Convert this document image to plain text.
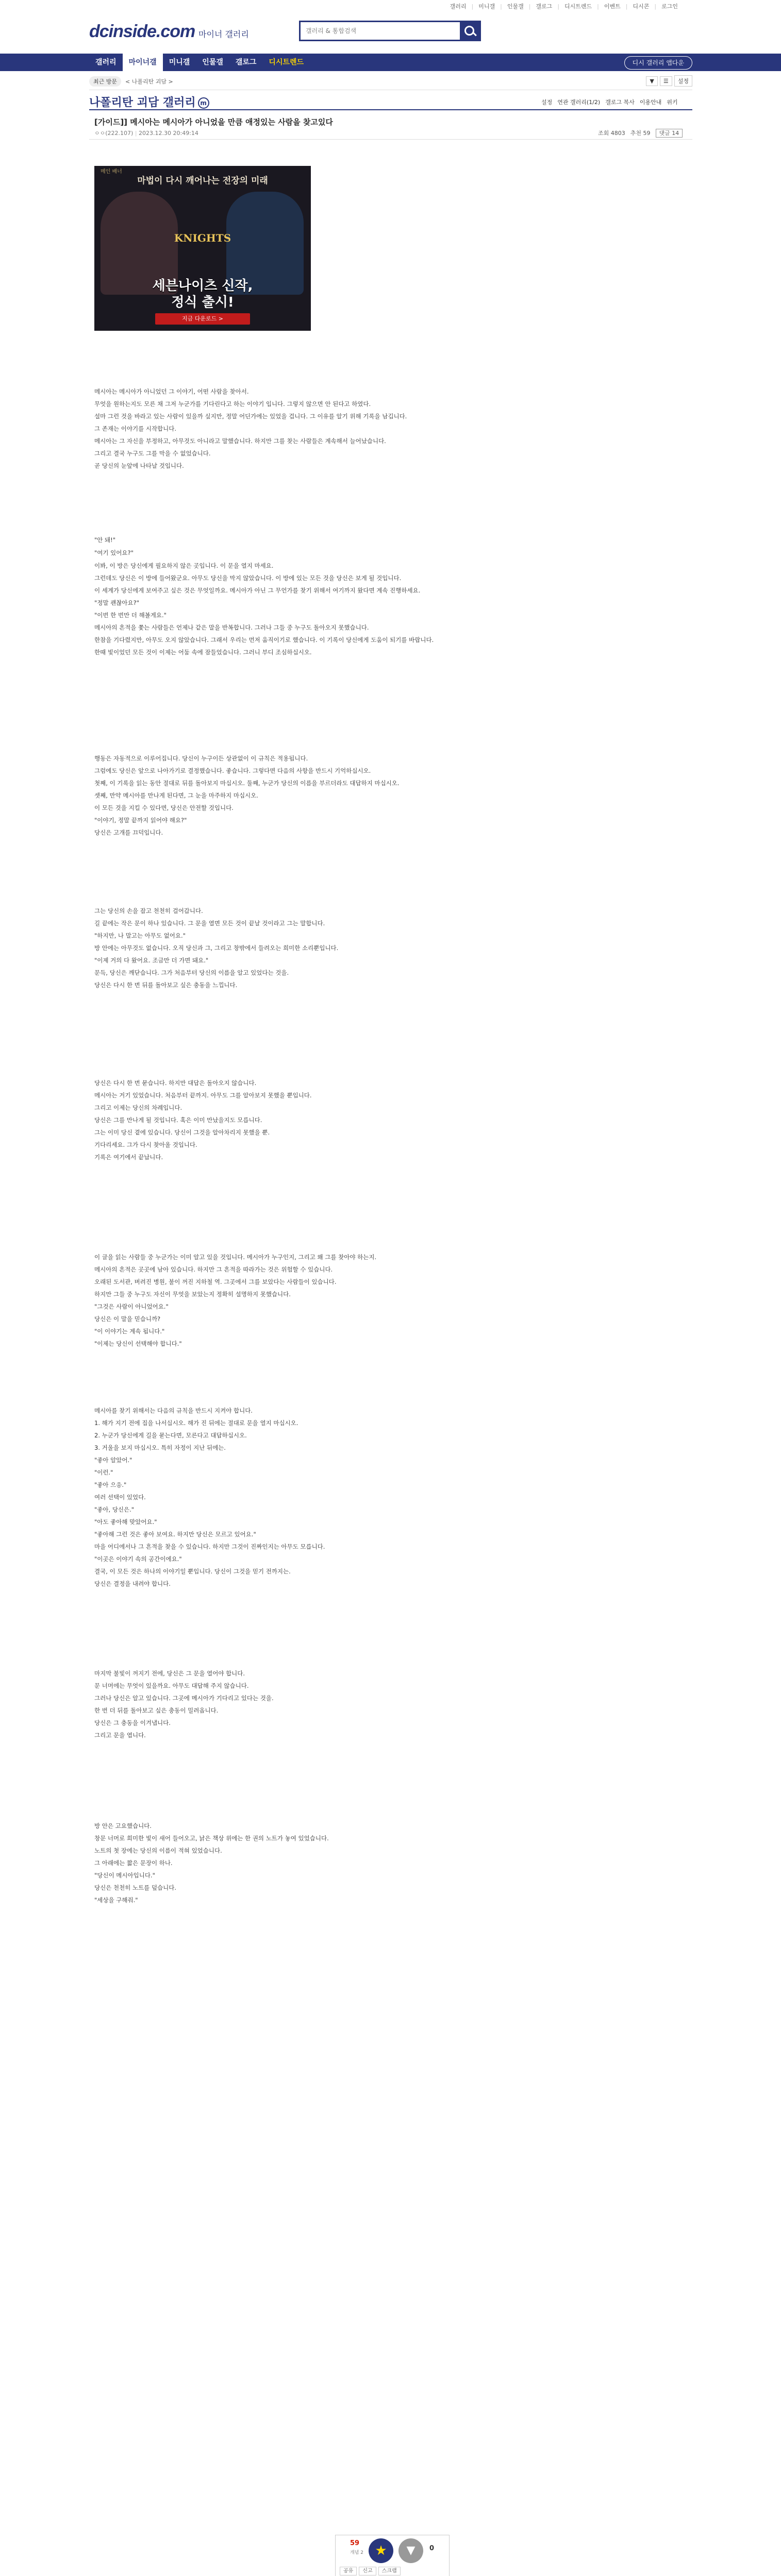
갤러리	| 미니갤	| 인물갤	| 갤로그	| 디시트렌드	| 이벤트	| 디시콘	| 로그인
dcinside.com 마이너 갤러리
갤러리 & 통합검색
갤러리	마이너갤	미니갤	인물갤	갤로그	디시트렌드	디시 갤러리 앱다운
최근 방문	< 나폴리탄 괴담 >	▼ ☰ 설정
나폴리탄 괴담 갤러리 m	설정 연관 갤러리(1/2) 갤로그 복사 이용안내 위키
[가이드]] 메시아는 메시아가 아니었을 만큼 애정있는 사람을 찾고있다
ㅇㅇ(222.107) | 2023.12.30 20:49:14	조회 4803 추천 59 댓글 14
메인 배너
마법이 다시 깨어나는 전장의 미래
KNIGHTS
세븐나이츠 신작,
정식 출시!
지금 다운로드 >
메시아는 메시아가 아니었던 그 이야기, 어떤 사람을 찾아서.
무엇을 원하는지도 모른 채 그저 누군가를 기다린다고 하는 이야기 입니다. 그렇지 않으면 안 된다고 하였다.
설마 그런 것을 바라고 있는 사람이 있을까 싶지만, 정말 어딘가에는 있었을 겁니다. 그 이유를 알기 위해 기록을 남깁니다.
그 존재는 이야기를 시작합니다.
메시아는 그 자신을 부정하고, 아무것도 아니라고 말했습니다. 하지만 그를 찾는 사람들은 계속해서 늘어났습니다.
그리고 결국 누구도 그를 막을 수 없었습니다.
곧 당신의 눈앞에 나타날 것입니다.
"안 돼!"
"여기 있어요?"
이봐, 이 방은 당신에게 필요하지 않은 곳입니다. 이 문을 열지 마세요.
그런데도 당신은 이 방에 들어왔군요. 아무도 당신을 막지 않았습니다. 이 방에 있는 모든 것을 당신은 보게 될 것입니다.
이 세계가 당신에게 보여주고 싶은 것은 무엇일까요. 메시아가 아닌 그 무언가를 찾기 위해서 여기까지 왔다면 계속 진행하세요.
"정말 괜찮아요?"
"이번 한 번만 더 해볼게요."
메시아의 흔적을 쫓는 사람들은 언제나 같은 말을 반복합니다. 그러나 그들 중 누구도 돌아오지 못했습니다.
한참을 기다렸지만, 아무도 오지 않았습니다. 그래서 우리는 먼저 움직이기로 했습니다. 이 기록이 당신에게 도움이 되기를 바랍니다.
한때 빛이었던 모든 것이 이제는 어둠 속에 잠들었습니다. 그러니 부디 조심하십시오.
행동은 자동적으로 이루어집니다. 당신이 누구이든 상관없이 이 규칙은 적용됩니다.
그럼에도 당신은 앞으로 나아가기로 결정했습니다. 좋습니다. 그렇다면 다음의 사항을 반드시 기억하십시오.
첫째, 이 기록을 읽는 동안 절대로 뒤를 돌아보지 마십시오. 둘째, 누군가 당신의 이름을 부르더라도 대답하지 마십시오.
셋째, 만약 메시아를 만나게 된다면, 그 눈을 마주하지 마십시오.
이 모든 것을 지킬 수 있다면, 당신은 안전할 것입니다.
"이야기, 정말 끝까지 읽어야 해요?"
당신은 고개를 끄덕입니다.
그는 당신의 손을 잡고 천천히 걸어갑니다.
길 끝에는 작은 문이 하나 있습니다. 그 문을 열면 모든 것이 끝날 것이라고 그는 말합니다.
"하지만, 나 말고는 아무도 없어요."
방 안에는 아무것도 없습니다. 오직 당신과 그, 그리고 창밖에서 들려오는 희미한 소리뿐입니다.
"이제 거의 다 왔어요. 조금만 더 가면 돼요."
문득, 당신은 깨닫습니다. 그가 처음부터 당신의 이름을 알고 있었다는 것을.
당신은 다시 한 번 뒤를 돌아보고 싶은 충동을 느낍니다.
당신은 다시 한 번 묻습니다. 하지만 대답은 돌아오지 않습니다.
메시아는 거기 있었습니다. 처음부터 끝까지. 아무도 그를 알아보지 못했을 뿐입니다.
그리고 이제는 당신의 차례입니다.
당신은 그를 만나게 될 것입니다. 혹은 이미 만났을지도 모릅니다.
그는 이미 당신 곁에 있습니다. 당신이 그것을 알아차리지 못했을 뿐.
기다리세요. 그가 다시 찾아올 것입니다.
기록은 여기에서 끝납니다.
이 글을 읽는 사람들 중 누군가는 이미 알고 있을 것입니다. 메시아가 누구인지, 그리고 왜 그를 찾아야 하는지.
메시아의 흔적은 곳곳에 남아 있습니다. 하지만 그 흔적을 따라가는 것은 위험할 수 있습니다.
오래된 도서관, 버려진 병원, 불이 꺼진 지하철 역. 그곳에서 그를 보았다는 사람들이 있습니다.
하지만 그들 중 누구도 자신이 무엇을 보았는지 정확히 설명하지 못했습니다.
"그것은 사람이 아니었어요."
당신은 이 말을 믿습니까?
"이 이야기는 계속 됩니다."
"이제는 당신이 선택해야 합니다."
메시아를 찾기 위해서는 다음의 규칙을 반드시 지켜야 합니다.
1. 해가 지기 전에 집을 나서십시오. 해가 진 뒤에는 절대로 문을 열지 마십시오.
2. 누군가 당신에게 길을 묻는다면, 모른다고 대답하십시오.
3. 거울을 보지 마십시오. 특히 자정이 지난 뒤에는.
"좋아 알았어."
"이런."
"좋아 으응."
여러 선택이 있었다.
"좋아, 당신은."
"아도 좋아해 맞았어요."
"좋아해 그런 것은 좋아 보여요. 하지만 당신은 모르고 있어요."
마을 어디에서나 그 흔적을 찾을 수 있습니다. 하지만 그것이 진짜인지는 아무도 모릅니다.
"이곳은 이야기 속의 공간이에요."
결국, 이 모든 것은 하나의 이야기일 뿐입니다. 당신이 그것을 믿기 전까지는.
당신은 결정을 내려야 합니다.
마지막 불빛이 꺼지기 전에, 당신은 그 문을 열어야 합니다.
문 너머에는 무엇이 있을까요. 아무도 대답해 주지 않습니다.
그러나 당신은 알고 있습니다. 그곳에 메시아가 기다리고 있다는 것을.
한 번 더 뒤를 돌아보고 싶은 충동이 밀려옵니다.
당신은 그 충동을 이겨냅니다.
그리고 문을 엽니다.
방 안은 고요했습니다.
창문 너머로 희미한 빛이 새어 들어오고, 낡은 책상 위에는 한 권의 노트가 놓여 있었습니다.
노트의 첫 장에는 당신의 이름이 적혀 있었습니다.
그 아래에는 짧은 문장이 하나.
"당신이 메시아입니다."
당신은 천천히 노트를 덮습니다.
"세상을 구해줘."
59
개념 2 ★	▼	0
공유 신고 스크랩
